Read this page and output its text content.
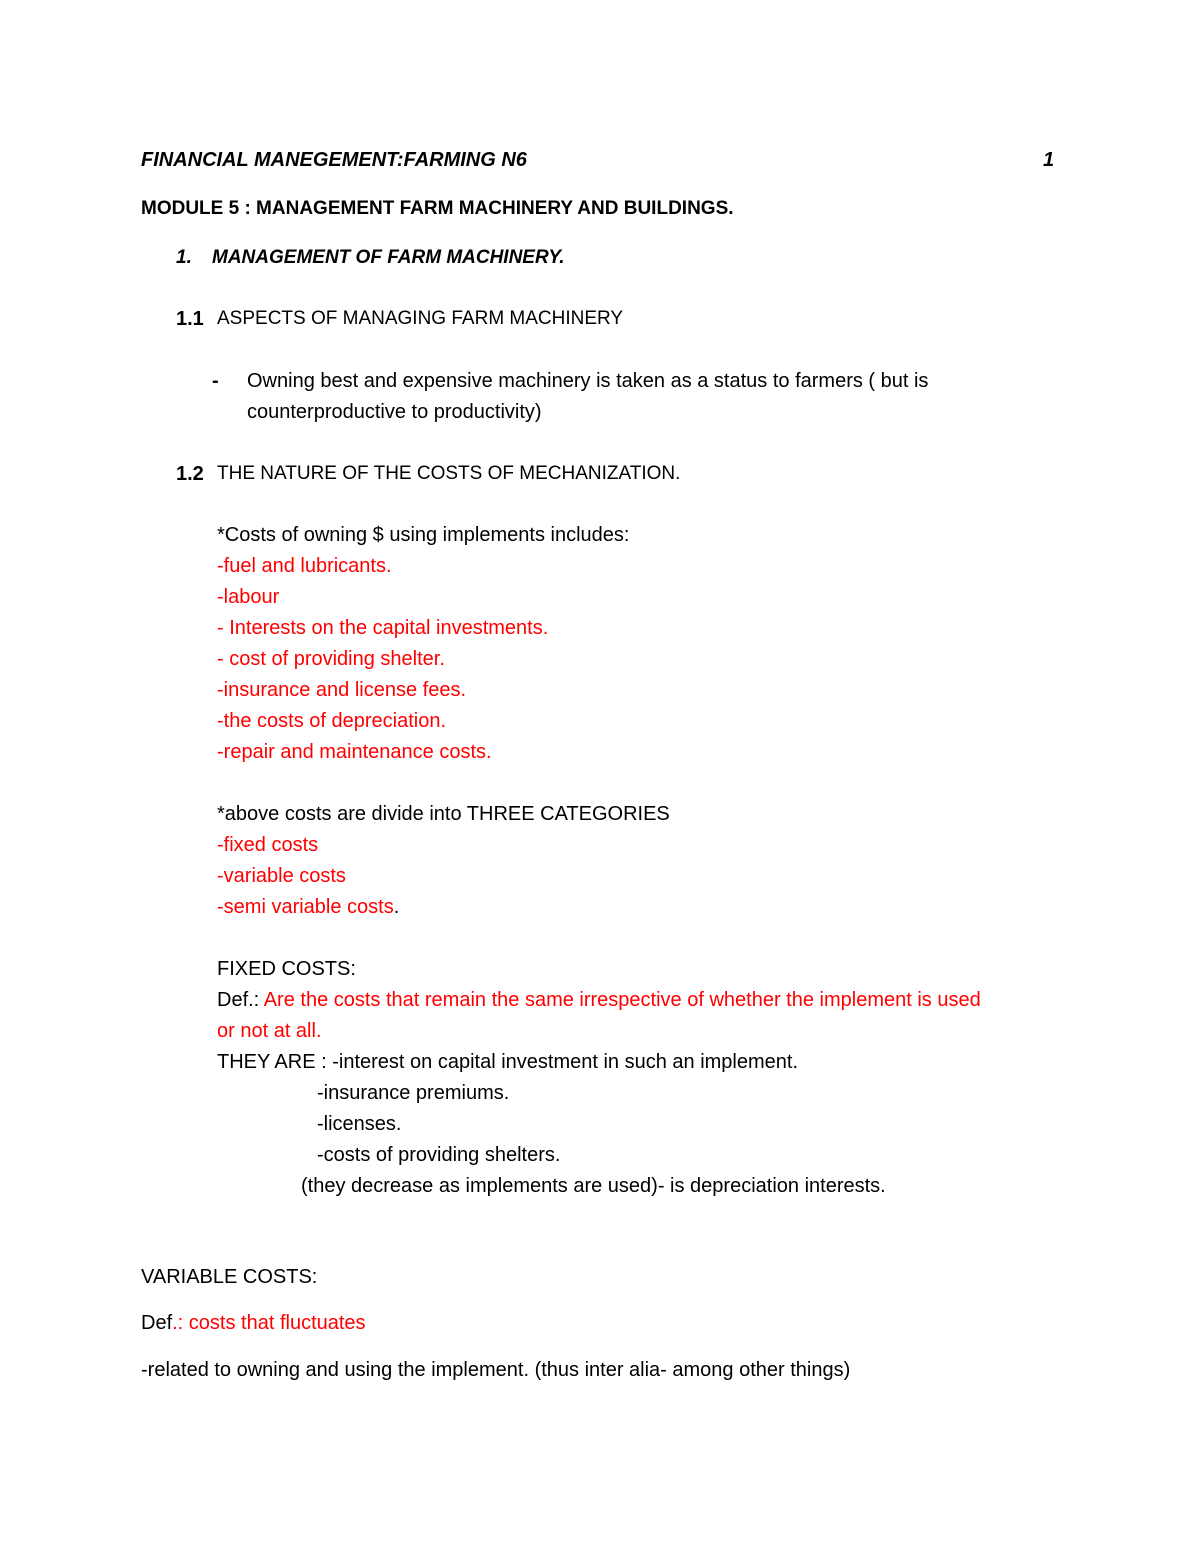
FINANCIAL MANEGEMENT:FARMING N6	1
MODULE 5 : MANAGEMENT FARM MACHINERY AND BUILDINGS.
1. MANAGEMENT OF FARM MACHINERY.
1.1 ASPECTS OF MANAGING FARM MACHINERY
- Owning best and expensive machinery is taken as a status to farmers ( but is
counterproductive to productivity)
1.2 THE NATURE OF THE COSTS OF MECHANIZATION.
*Costs of owning $ using implements includes:
-fuel and lubricants.
-labour
- Interests on the capital investments.
- cost of providing shelter.
-insurance and license fees.
-the costs of depreciation.
-repair and maintenance costs.
*above costs are divide into THREE CATEGORIES
-fixed costs
-variable costs
-semi variable costs.
FIXED COSTS:
Def.: Are the costs that remain the same irrespective of whether the implement is used
or not at all.
THEY ARE : -interest on capital investment in such an implement.
-insurance premiums.
-licenses.
-costs of providing shelters.
(they decrease as implements are used)- is depreciation interests.
VARIABLE COSTS:
Def.: costs that fluctuates
-related to owning and using the implement. (thus inter alia- among other things)
